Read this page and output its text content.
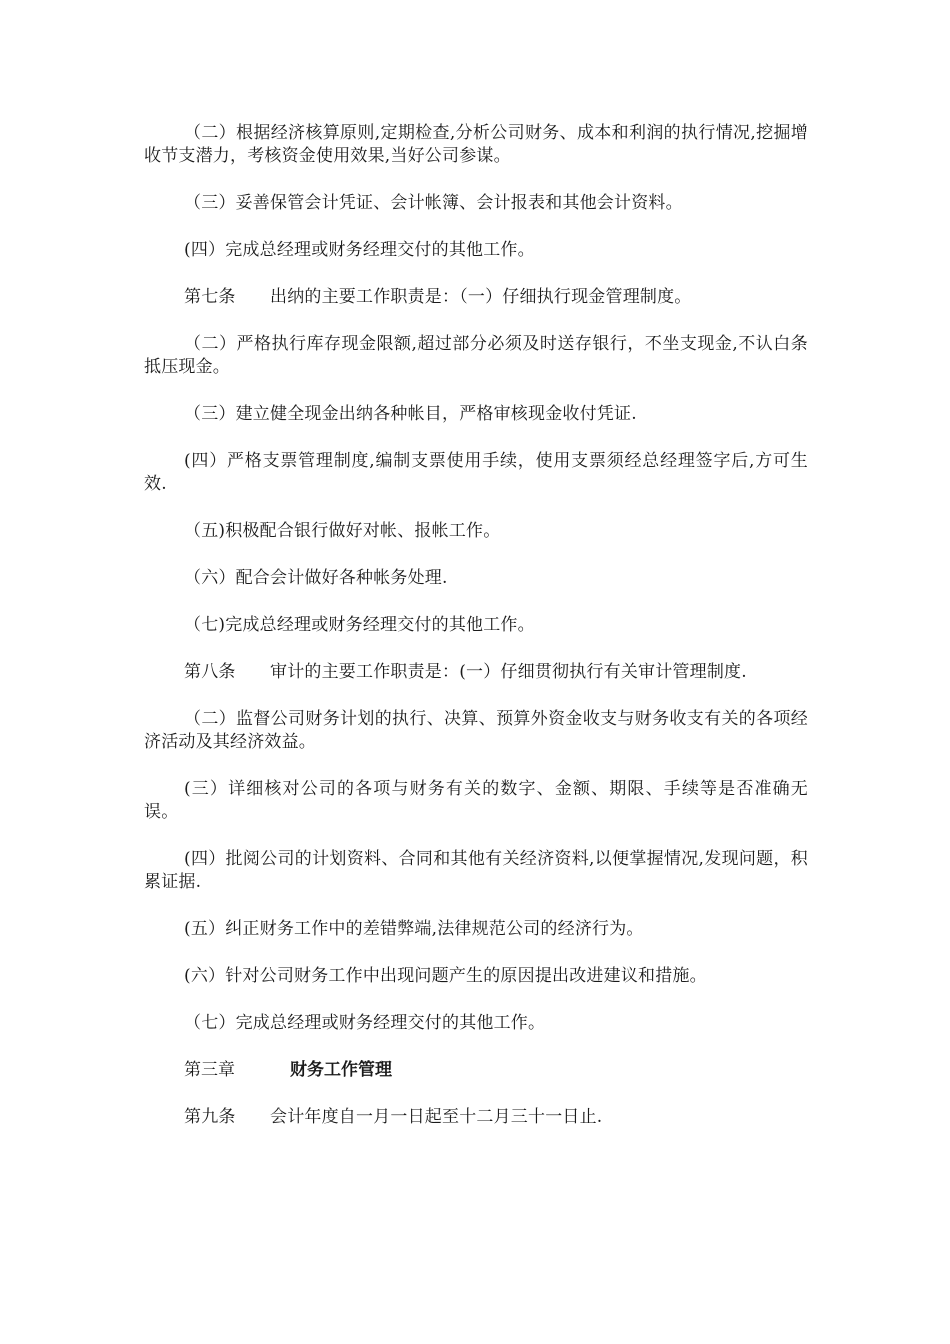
（二）根据经济核算原则,定期检查,分析公司财务、成本和利润的执行情况,挖掘增收节支潜力，考核资金使用效果,当好公司参谋。

（三）妥善保管会计凭证、会计帐簿、会计报表和其他会计资料。

(四）完成总经理或财务经理交付的其他工作。

第七条 出纳的主要工作职责是：（一）仔细执行现金管理制度。

（二）严格执行库存现金限额,超过部分必须及时送存银行，不坐支现金,不认白条抵压现金。

（三）建立健全现金出纳各种帐目，严格审核现金收付凭证.

(四）严格支票管理制度,编制支票使用手续，使用支票须经总经理签字后,方可生效.

（五)积极配合银行做好对帐、报帐工作。

（六）配合会计做好各种帐务处理.

（七)完成总经理或财务经理交付的其他工作。

第八条 审计的主要工作职责是：(一）仔细贯彻执行有关审计管理制度.

（二）监督公司财务计划的执行、决算、预算外资金收支与财务收支有关的各项经济活动及其经济效益。

(三）详细核对公司的各项与财务有关的数字、金额、期限、手续等是否准确无误。

(四）批阅公司的计划资料、合同和其他有关经济资料,以便掌握情况,发现问题，积累证据.

(五）纠正财务工作中的差错弊端,法律规范公司的经济行为。

(六）针对公司财务工作中出现问题产生的原因提出改进建议和措施。

（七）完成总经理或财务经理交付的其他工作。

第三章	财务工作管理

第九条 会计年度自一月一日起至十二月三十一日止.
